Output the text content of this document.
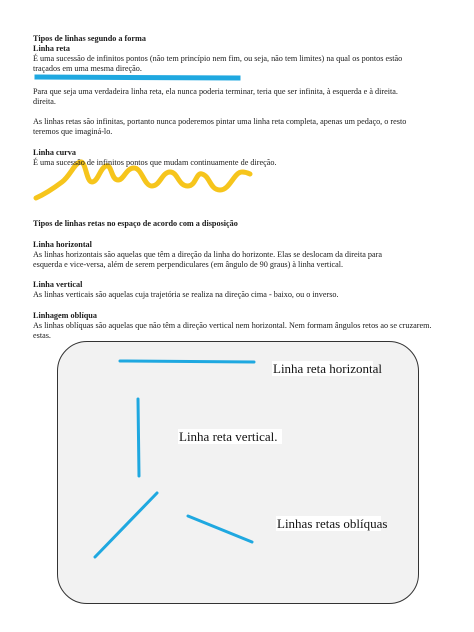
Tipos de linhas segundo a forma
Linha reta
É uma sucessão de infinitos pontos (não tem princípio nem fim, ou seja, não tem limites) na qual os pontos estão
traçados em uma mesma direção.
Para que seja uma verdadeira linha reta, ela nunca poderia terminar, teria que ser infinita, à esquerda e à direita.
direita.
As linhas retas são infinitas, portanto nunca poderemos pintar uma linha reta completa, apenas um pedaço, o resto
teremos que imaginá-lo.
Linha curva
É uma sucessão de infinitos pontos que mudam continuamente de direção.
Tipos de linhas retas no espaço de acordo com a disposição
Linha horizontal
As linhas horizontais são aquelas que têm a direção da linha do horizonte. Elas se deslocam da direita para
esquerda e vice-versa, além de serem perpendiculares (em ângulo de 90 graus) à linha vertical.
Linha vertical
As linhas verticais são aquelas cuja trajetória se realiza na direção cima - baixo, ou o inverso.
Linhagem oblíqua
As linhas oblíquas são aquelas que não têm a direção vertical nem horizontal. Nem formam ângulos retos ao se cruzarem.
estas.
Linha reta horizontal
Linha reta vertical.
Linhas retas oblíquas
